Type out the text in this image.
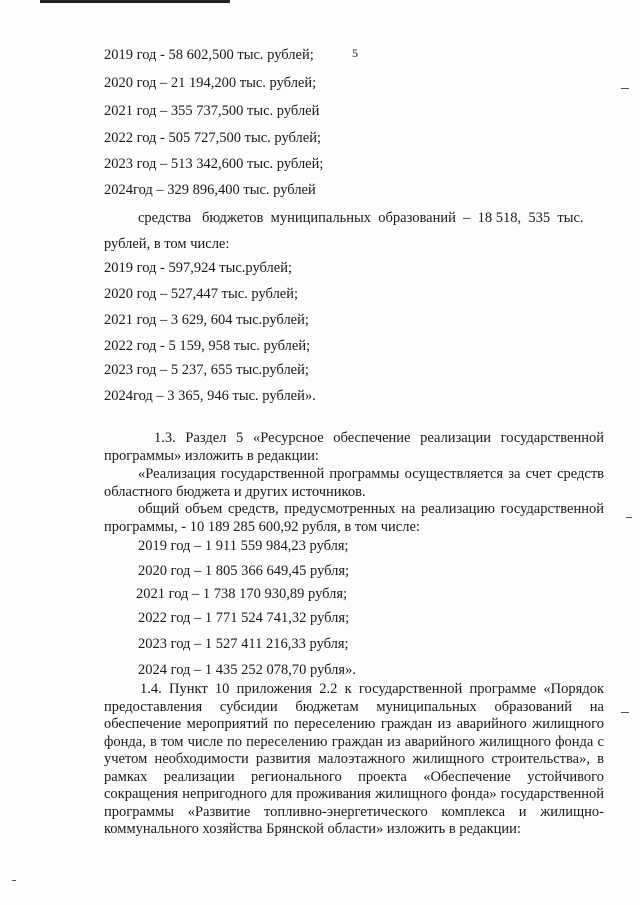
5
2019 год - 58 602,500 тыс. рублей;
2020 год – 21 194,200 тыс. рублей;
2021 год – 355 737,500 тыс. рублей
2022 год - 505 727,500 тыс. рублей;
2023 год – 513 342,600 тыс. рублей;
2024год – 329 896,400 тыс. рублей
средства   бюджетов  муниципальных  образований  –  18 518,  535  тыс.
рублей, в том числе:
2019 год - 597,924 тыс.рублей;
2020 год – 527,447 тыс. рублей;
2021 год – 3 629, 604 тыс.рублей;
2022 год - 5 159, 958 тыс. рублей;
2023 год – 5 237, 655 тыс.рублей;
2024год – 3 365, 946 тыс. рублей».
1.3. Раздел 5 «Ресурсное обеспечение реализации государственной программы» изложить в редакции:
«Реализация государственной программы осуществляется за счет средств областного бюджета и других источников.
общий объем средств, предусмотренных на реализацию государственной программы, - 10 189 285 600,92 рубля, в том числе:
2019 год – 1 911 559 984,23 рубля;
2020 год – 1 805 366 649,45 рубля;
2021 год – 1 738 170 930,89 рубля;
2022 год – 1 771 524 741,32 рубля;
2023 год – 1 527 411 216,33 рубля;
2024 год – 1 435 252 078,70 рубля».
1.4. Пункт 10 приложения 2.2 к государственной программе «Порядок предоставления субсидии бюджетам муниципальных образований на обеспечение мероприятий по переселению граждан из аварийного жилищного фонда, в том числе по переселению граждан из аварийного жилищного фонда с учетом необходимости развития малоэтажного жилищного строительства», в рамках реализации регионального проекта «Обеспечение устойчивого сокращения непригодного для проживания жилищного фонда» государственной программы «Развитие топливно-энергетического комплекса и жилищно-коммунального хозяйства Брянской области» изложить в редакции:
